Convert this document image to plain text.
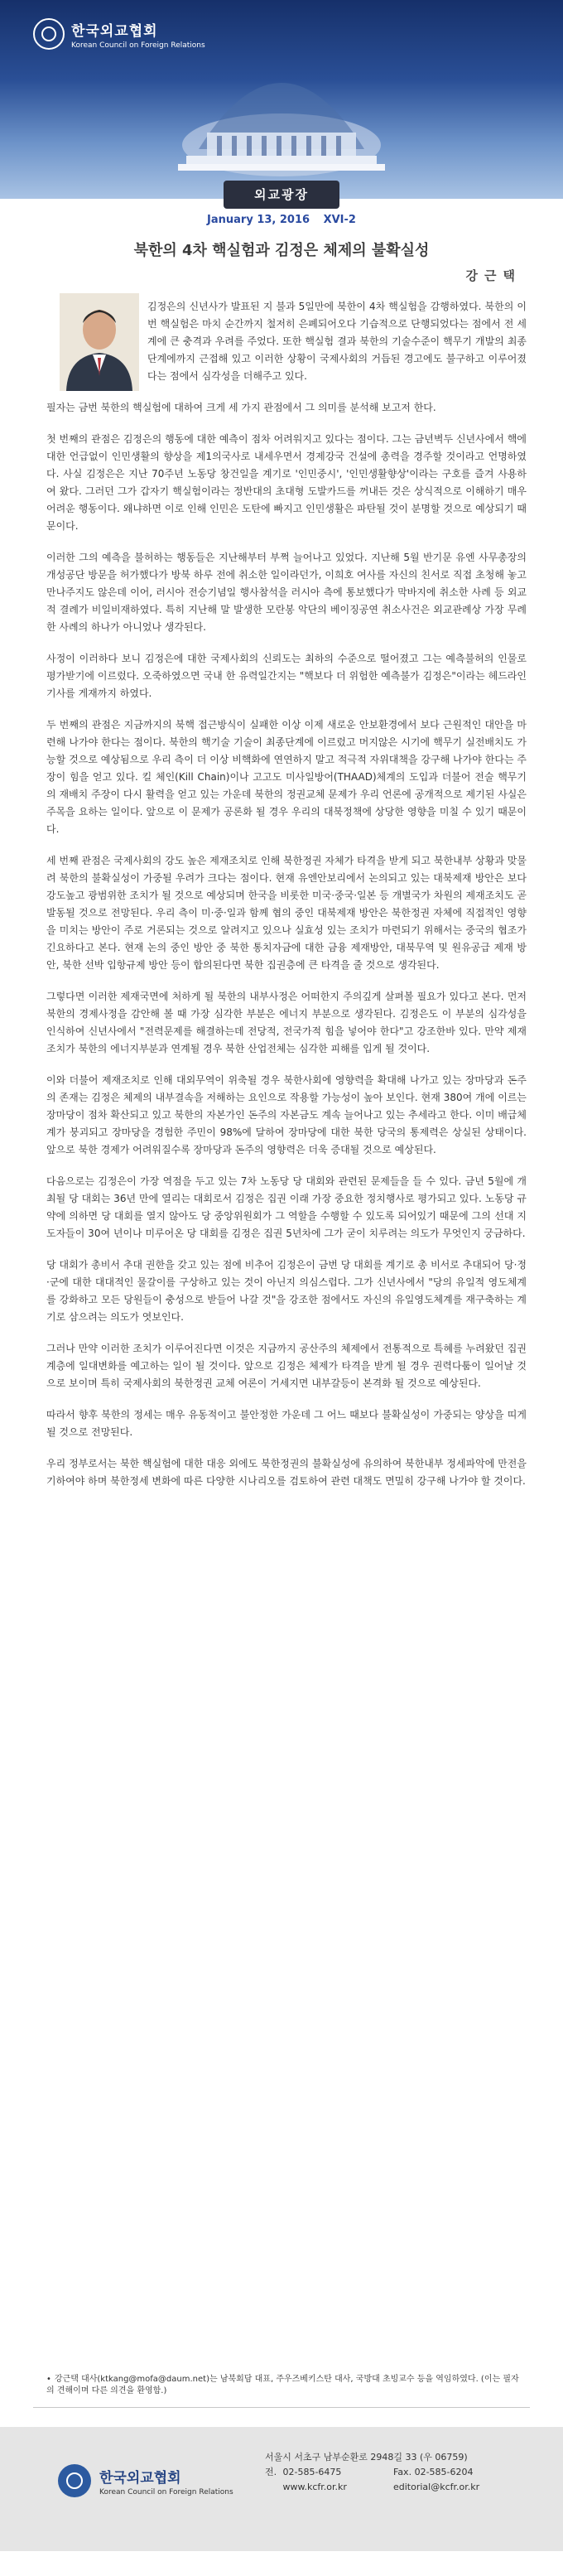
한국외교협회
Korean Council on Foreign Relations
외교광장
January 13, 2016 XVI-2
북한의 4차 핵실험과 김정은 체제의 불확실성
강근택

김정은의 신년사가 발표된 지 불과 5일만에 북한이 4차 핵실험을 감행하였다. 북한의 이번 핵실험은 마치 순간까지 철저히 은폐되어오다 기습적으로 단행되었다는 점에서 전 세계에 큰 충격과 우려를 주었다. 또한 핵실험 결과 북한의 기술수준이 핵무기 개발의 최종단계에까지 근접해 있고 이러한 상황이 국제사회의 거듭된 경고에도 불구하고 이루어졌다는 점에서 심각성을 더해주고 있다.

필자는 금번 북한의 핵실험에 대하여 크게 세 가지 관점에서 그 의미를 분석해 보고저 한다.

첫 번째의 관점은 김정은의 행동에 대한 예측이 점차 어려워지고 있다는 점이다. 그는 금년벽두 신년사에서 핵에 대한 언급없이 인민생활의 향상을 제1의국사로 내세우면서 경제강국 건설에 총력을 경주할 것이라고 언명하였다. 사실 김정은은 지난 70주년 노동당 창건일을 계기로 '인민중시', '인민생활향상'이라는 구호를 즐겨 사용하여 왔다. 그러던 그가 갑자기 핵실험이라는 정반대의 초대형 도발카드를 꺼내든 것은 상식적으로 이해하기 매우 어려운 행동이다. 왜냐하면 이로 인해 인민은 도탄에 빠지고 인민생활은 파탄될 것이 분명할 것으로 예상되기 때문이다.

이러한 그의 예측을 불허하는 행동들은 지난해부터 부쩍 늘어나고 있었다. 지난해 5월 반기문 유엔 사무총장의 개성공단 방문을 허가했다가 방북 하루 전에 취소한 일이라던가, 이희호 여사를 자신의 친서로 직접 초청해 놓고 만나주지도 않은데 이어, 러시아 전승기념일 행사참석을 러시아 측에 통보했다가 막바지에 취소한 사례 등 외교적 결례가 비일비재하였다. 특히 지난해 말 발생한 모란봉 악단의 베이징공연 취소사건은 외교관례상 가장 무례한 사례의 하나가 아니었나 생각된다.

사정이 이러하다 보니 김정은에 대한 국제사회의 신뢰도는 최하의 수준으로 떨어졌고 그는 예측불허의 인물로 평가받기에 이르렀다. 오죽하였으면 국내 한 유력일간지는 "핵보다 더 위험한 예측불가 김정은"이라는 헤드라인 기사를 게재까지 하였다.

두 번째의 관점은 지금까지의 북핵 접근방식이 실패한 이상 이제 새로운 안보환경에서 보다 근원적인 대안을 마련해 나가야 한다는 점이다. 북한의 핵기술 기술이 최종단계에 이르렀고 머지않은 시기에 핵무기 실전배치도 가능할 것으로 예상됨으로 우리 측이 더 이상 비핵화에 연연하지 말고 적극적 자위대책을 강구해 나가야 한다는 주장이 힘을 얻고 있다. 킬 체인(Kill Chain)이나 고고도 미사일방어(THAAD)체계의 도입과 더불어 전술 핵무기의 재배치 주장이 다시 활력을 얻고 있는 가운데 북한의 정권교체 문제가 우리 언론에 공개적으로 제기된 사실은 주목을 요하는 일이다. 앞으로 이 문제가 공론화 될 경우 우리의 대북정책에 상당한 영향을 미칠 수 있기 때문이다.

세 번째 관점은 국제사회의 강도 높은 제재조치로 인해 북한정권 자체가 타격을 받게 되고 북한내부 상황과 맞물려 북한의 불확실성이 가중될 우려가 크다는 점이다. 현재 유엔안보리에서 논의되고 있는 대북제재 방안은 보다 강도높고 광범위한 조치가 될 것으로 예상되며 한국을 비롯한 미국·중국·일본 등 개별국가 차원의 제재조치도 곧 발동될 것으로 전망된다. 우리 측이 미·중·일과 함께 협의 중인 대북제재 방안은 북한정권 자체에 직접적인 영향을 미치는 방안이 주로 거론되는 것으로 알려지고 있으나 실효성 있는 조치가 마련되기 위해서는 중국의 협조가 긴요하다고 본다. 현재 논의 중인 방안 중 북한 통치자금에 대한 금융 제재방안, 대북무역 및 원유공급 제재 방안, 북한 선박 입항규제 방안 등이 합의된다면 북한 집권층에 큰 타격을 줄 것으로 생각된다.

그렇다면 이러한 제재국면에 처하게 될 북한의 내부사정은 어떠한지 주의깊게 살펴볼 필요가 있다고 본다. 먼저 북한의 경제사정을 감안해 볼 때 가장 심각한 부분은 에너지 부분으로 생각된다. 김정은도 이 부분의 심각성을 인식하여 신년사에서 "전력문제를 해결하는데 전당적, 전국가적 힘을 넣어야 한다"고 강조한바 있다. 만약 제재조치가 북한의 에너지부분과 연계될 경우 북한 산업전체는 심각한 피해를 입게 될 것이다.

이와 더불어 제재조치로 인해 대외무역이 위축될 경우 북한사회에 영향력을 확대해 나가고 있는 장마당과 돈주의 존재는 김정은 체제의 내부결속을 저해하는 요인으로 작용할 가능성이 높아 보인다. 현재 380여 개에 이르는 장마당이 점차 확산되고 있고 북한의 자본가인 돈주의 자본금도 계속 늘어나고 있는 추세라고 한다. 이미 배급체계가 붕괴되고 장마당을 경험한 주민이 98%에 달하여 장마당에 대한 북한 당국의 통제력은 상실된 상태이다. 앞으로 북한 경제가 어려워질수록 장마당과 돈주의 영향력은 더욱 증대될 것으로 예상된다.

다음으로는 김정은이 가장 역점을 두고 있는 7차 노동당 당 대회와 관련된 문제들을 들 수 있다. 금년 5월에 개최될 당 대회는 36년 만에 열리는 대회로서 김정은 집권 이래 가장 중요한 정치행사로 평가되고 있다. 노동당 규약에 의하면 당 대회를 열지 않아도 당 중앙위원회가 그 역할을 수행할 수 있도록 되어있기 때문에 그의 선대 지도자들이 30여 년이나 미루어온 당 대회를 김정은 집권 5년차에 그가 굳이 치루려는 의도가 무엇인지 궁금하다.

당 대회가 총비서 추대 권한을 갖고 있는 점에 비추어 김정은이 금번 당 대회를 계기로 총 비서로 추대되어 당·정·군에 대한 대대적인 물갈이를 구상하고 있는 것이 아닌지 의심스럽다. 그가 신년사에서 "당의 유일적 영도체계를 강화하고 모든 당원들이 충성으로 받들어 나갈 것"을 강조한 점에서도 자신의 유일영도체계를 재구축하는 계기로 삼으려는 의도가 엿보인다.

그러나 만약 이러한 조치가 이루어진다면 이것은 지금까지 공산주의 체제에서 전통적으로 특혜를 누려왔던 집권계층에 일대변화를 예고하는 일이 될 것이다. 앞으로 김정은 체제가 타격을 받게 될 경우 권력다툼이 일어날 것으로 보이며 특히 국제사회의 북한정권 교체 여론이 거세지면 내부갈등이 본격화 될 것으로 예상된다.

따라서 향후 북한의 정세는 매우 유동적이고 불안정한 가운데 그 어느 때보다 불확실성이 가중되는 양상을 띠게 될 것으로 전망된다.

우리 정부로서는 북한 핵실험에 대한 대응 외에도 북한정권의 불확실성에 유의하여 북한내부 정세파악에 만전을 기하여야 하며 북한정세 변화에 따른 다양한 시나리오를 검토하여 관련 대책도 면밀히 강구해 나가야 할 것이다.

• 강근택 대사(ktkang@mofa@daum.net)는 남북회담 대표, 주우즈베키스탄 대사, 국방대 초빙교수 등을 역임하였다. (이는 필자의 견해이며 다른 의견을 환영함.)
한국외교협회
Korean Council on Foreign Relations
서울시 서초구 남부순환로 2948길 33 (우 06759)
전. 02-585-6475	Fax. 02-585-6204
www.kcfr.or.kr	editorial@kcfr.or.kr
